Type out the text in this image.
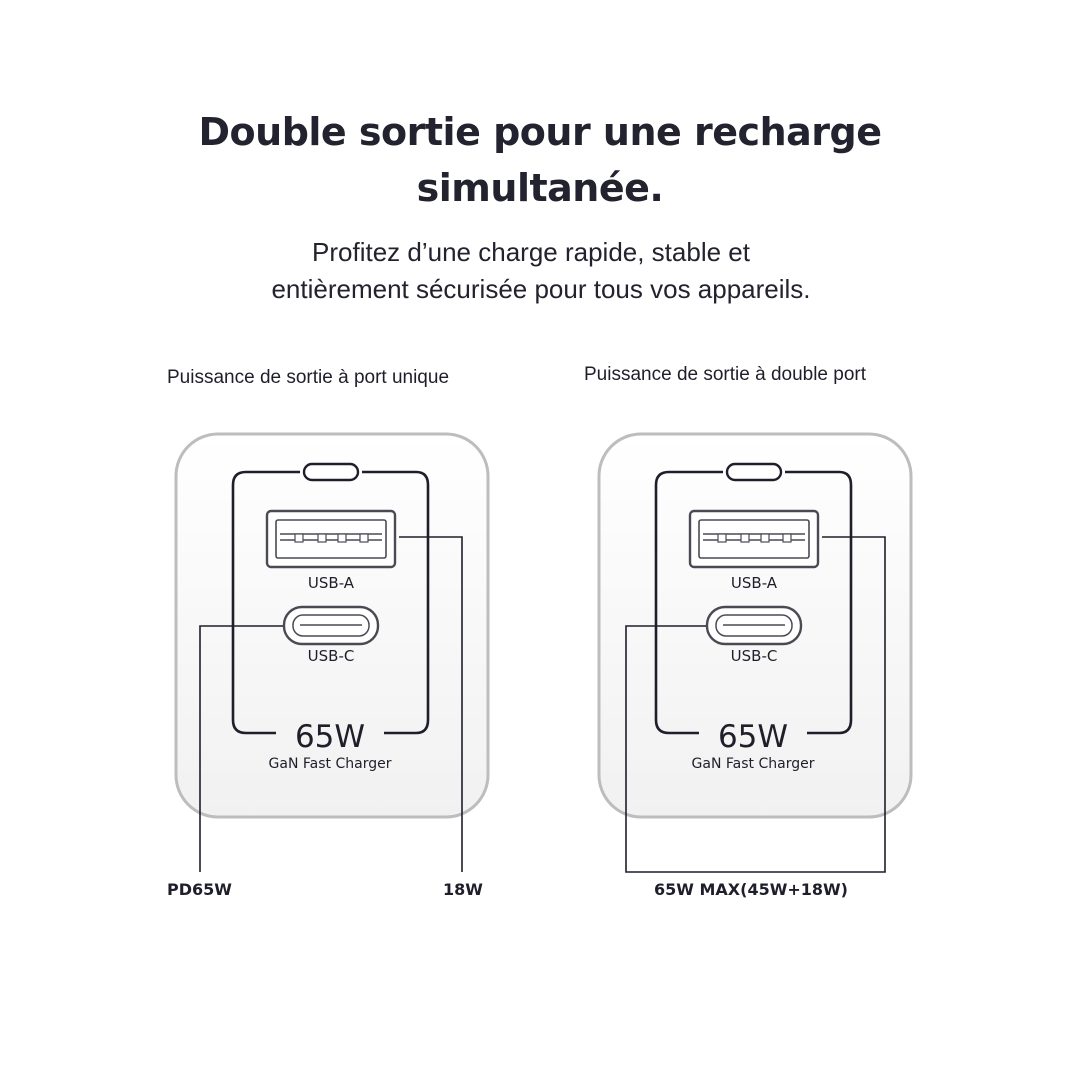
Double sortie pour une recharge
simultanée.
Profitez d’une charge rapide, stable et
entièrement sécurisée pour tous vos appareils.
Puissance de sortie à port unique	Puissance de sortie à double port
USB-A
USB-C
65W
GaN Fast Charger
PD65W	18W
USB-A
USB-C
65W
GaN Fast Charger
65W MAX(45W+18W)
